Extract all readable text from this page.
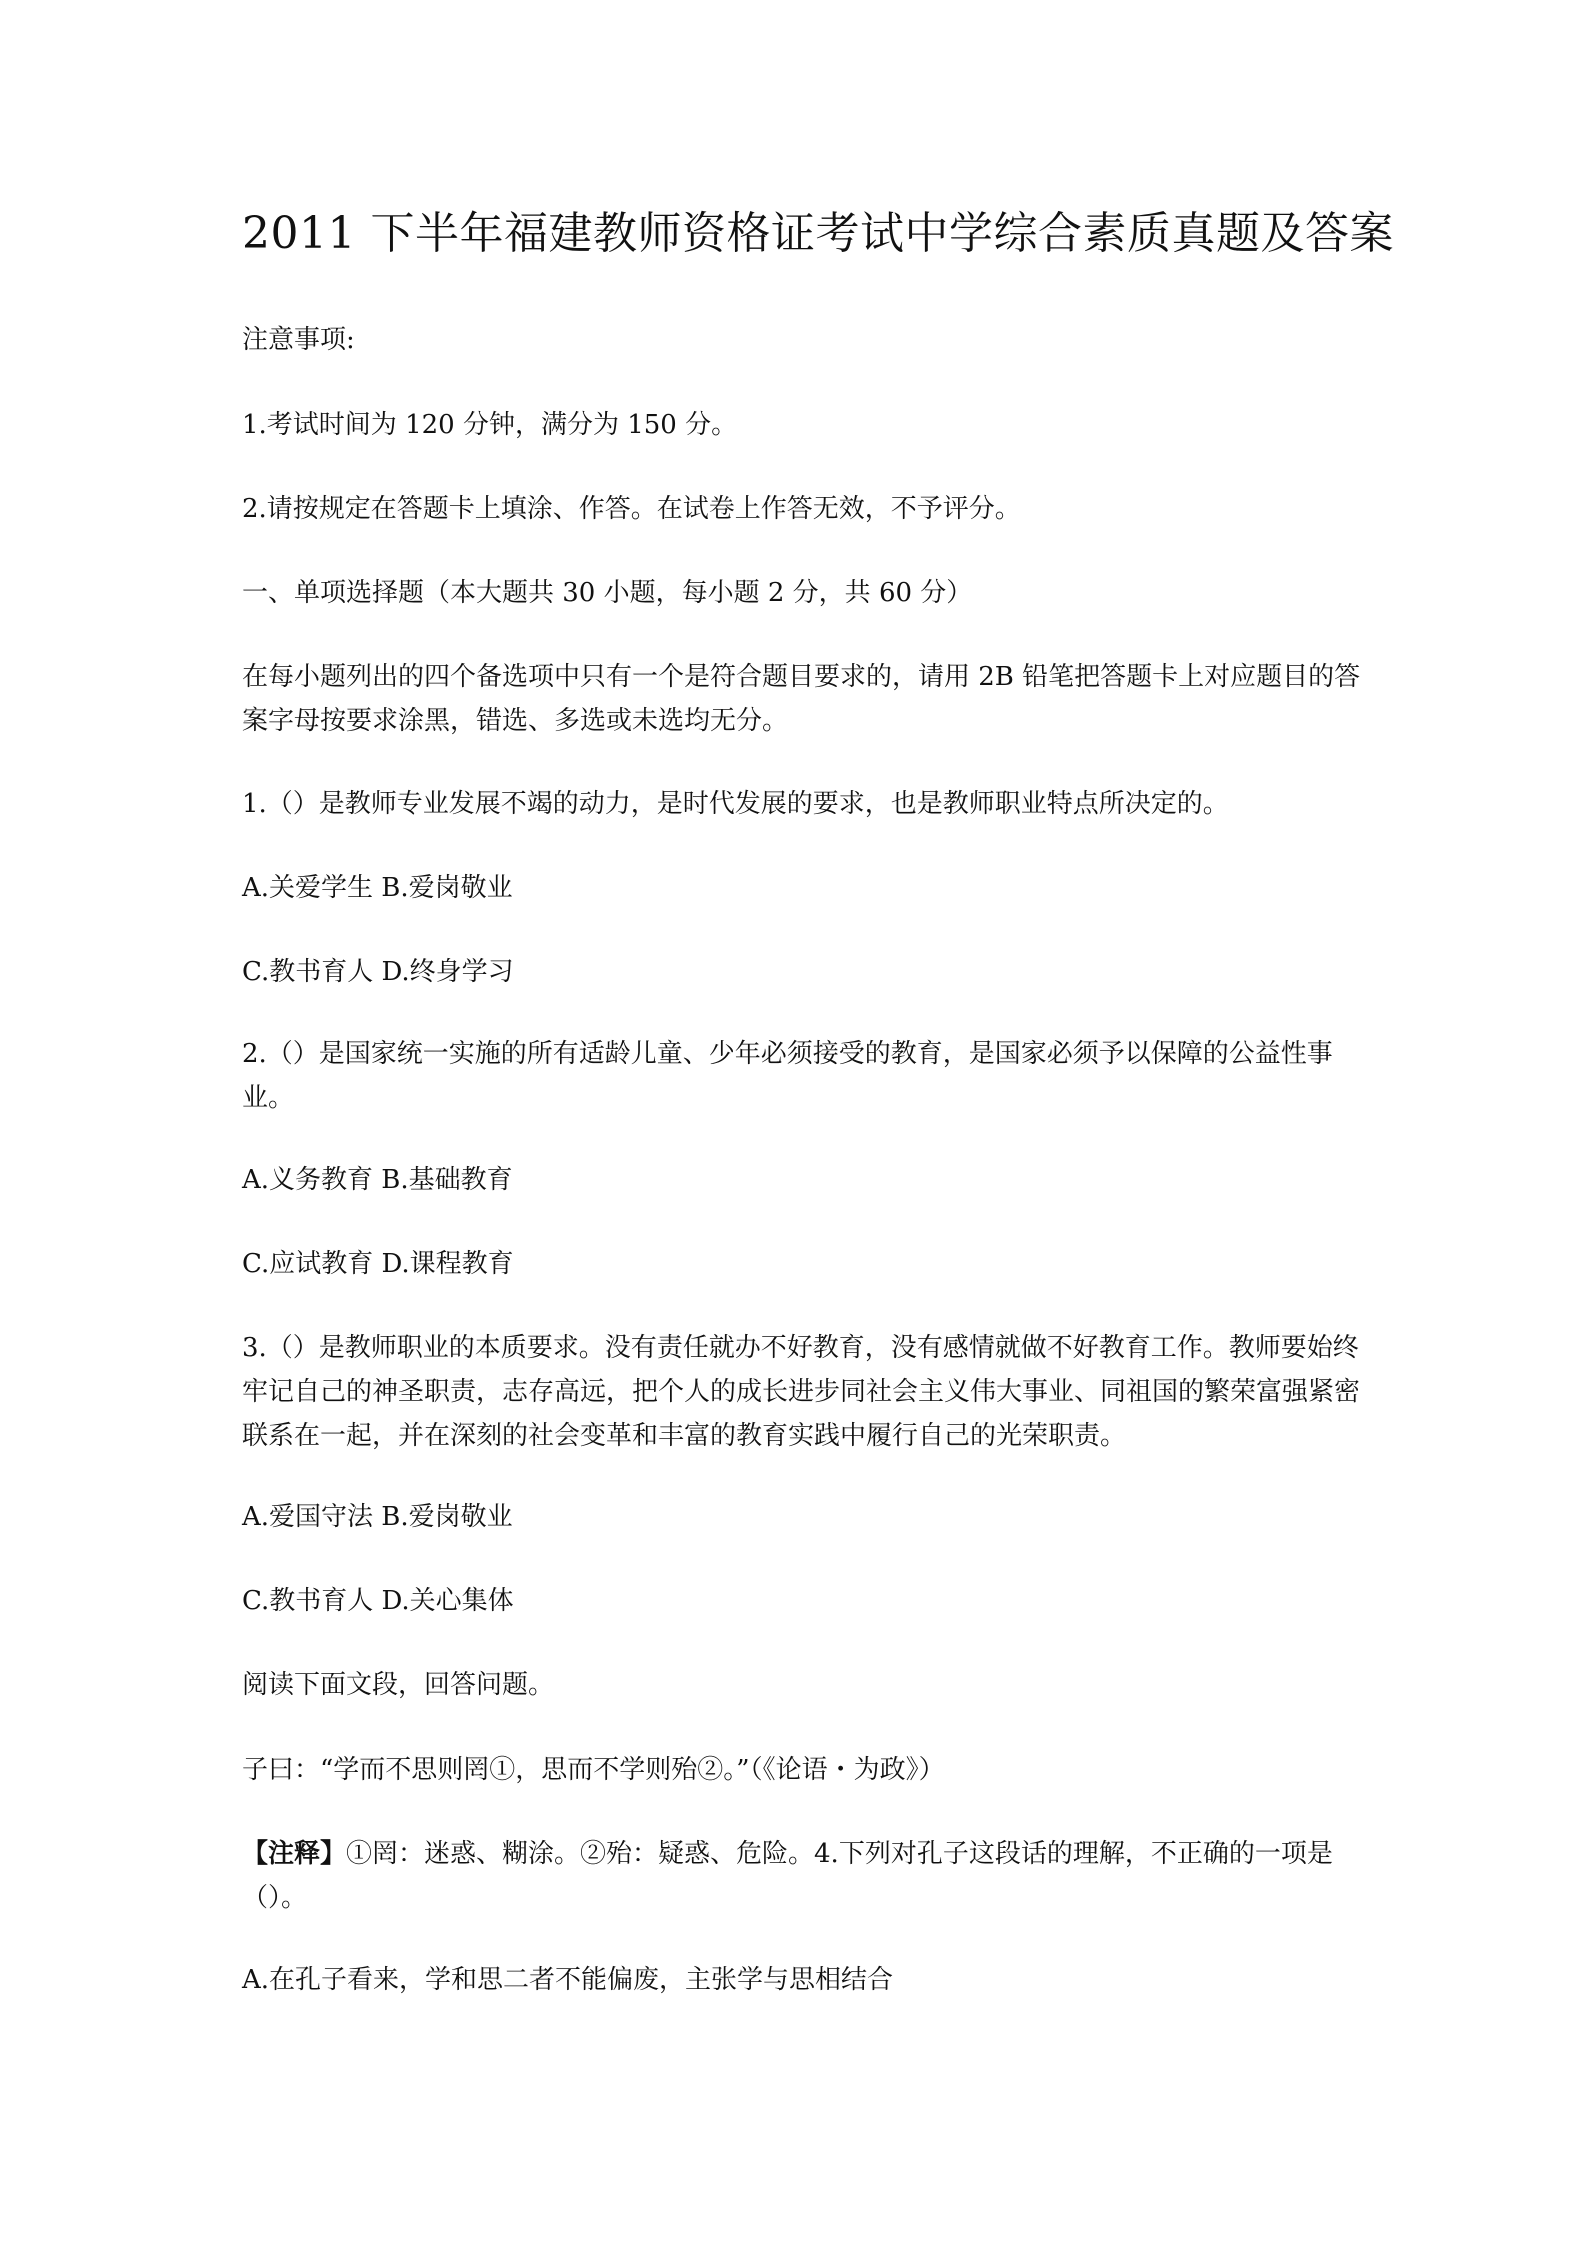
2011 下半年福建教师资格证考试中学综合素质真题及答案

注意事项:

1.考试时间为 120 分钟，满分为 150 分。

2.请按规定在答题卡上填涂、作答。在试卷上作答无效，不予评分。

一、单项选择题（本大题共 30 小题，每小题 2 分，共 60 分）

在每小题列出的四个备选项中只有一个是符合题目要求的，请用 2B 铅笔把答题卡上对应题目的答案字母按要求涂黑，错选、多选或未选均无分。

1.（）是教师专业发展不竭的动力，是时代发展的要求，也是教师职业特点所决定的。

A.关爱学生 B.爱岗敬业

C.教书育人 D.终身学习

2.（）是国家统一实施的所有适龄儿童、少年必须接受的教育，是国家必须予以保障的公益性事业。

A.义务教育 B.基础教育

C.应试教育 D.课程教育

3.（）是教师职业的本质要求。没有责任就办不好教育，没有感情就做不好教育工作。教师要始终牢记自己的神圣职责，志存高远，把个人的成长进步同社会主义伟大事业、同祖国的繁荣富强紧密联系在一起，并在深刻的社会变革和丰富的教育实践中履行自己的光荣职责。

A.爱国守法 B.爱岗敬业

C.教书育人 D.关心集体

阅读下面文段，回答问题。

子曰：“学而不思则罔①，思而不学则殆②。”（《论语・为政》）

【注释】①罔：迷惑、糊涂。②殆：疑惑、危险。4.下列对孔子这段话的理解，不正确的一项是（）。

A.在孔子看来，学和思二者不能偏废，主张学与思相结合
